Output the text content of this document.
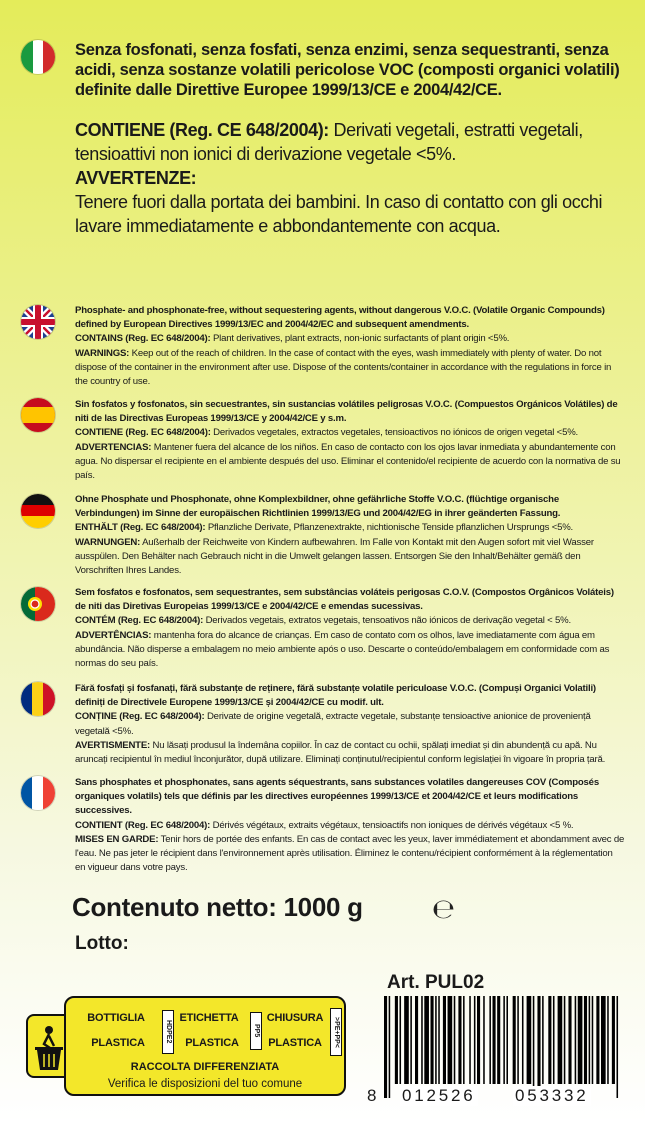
Senza fosfonati, senza fosfati, senza enzimi, senza sequestranti, senza acidi, senza sostanze volatili pericolose VOC (composti organici volatili) definite dalle Direttive Europee 1999/13/CE e 2004/42/CE.

CONTIENE (Reg. CE 648/2004): Derivati vegetali, estratti vegetali, tensioattivi non ionici di derivazione vegetale <5%.
AVVERTENZE:
Tenere fuori dalla portata dei bambini. In caso di contatto con gli occhi lavare immediatamente e abbondantemente con acqua.

Phosphate- and phosphonate-free, without sequestering agents, without dangerous V.O.C. (Volatile Organic Compounds) defined by European Directives 1999/13/EC and 2004/42/EC and subsequent amendments.

CONTAINS (Reg. EC 648/2004): Plant derivatives, plant extracts, non-ionic surfactants of plant origin <5%.

WARNINGS: Keep out of the reach of children. In the case of contact with the eyes, wash immediately with plenty of water. Do not dispose of the container in the environment after use. Dispose of the contents/container in accordance with the regulations in force in the country of use.

Sin fosfatos y fosfonatos, sin secuestrantes, sin sustancias volátiles peligrosas V.O.C. (Compuestos Orgánicos Volátiles) de niti de las Directivas Europeas 1999/13/CE y 2004/42/CE y s.m.

CONTIENE (Reg. EC 648/2004): Derivados vegetales, extractos vegetales, tensioactivos no iónicos de origen vegetal <5%.

ADVERTENCIAS: Mantener fuera del alcance de los niños. En caso de contacto con los ojos lavar inmediata y abundantemente con agua. No dispersar el recipiente en el ambiente después del uso. Eliminar el contenido/el recipiente de acuerdo con la normativa de su país.

Ohne Phosphate und Phosphonate, ohne Komplexbildner, ohne gefährliche Stoffe V.O.C. (flüchtige organische Verbindungen) im Sinne der europäischen Richtlinien 1999/13/EG und 2004/42/EG in ihrer geänderten Fassung.

ENTHÄLT (Reg. EC 648/2004): Pflanzliche Derivate, Pflanzenextrakte, nichtionische Tenside pflanzlichen Ursprungs <5%.

WARNUNGEN: Außerhalb der Reichweite von Kindern aufbewahren. Im Falle von Kontakt mit den Augen sofort mit viel Wasser ausspülen. Den Behälter nach Gebrauch nicht in die Umwelt gelangen lassen. Entsorgen Sie den Inhalt/Behälter gemäß den Vorschriften Ihres Landes.

Sem fosfatos e fosfonatos, sem sequestrantes, sem substâncias voláteis perigosas C.O.V. (Compostos Orgânicos Voláteis) de niti das Diretivas Europeias 1999/13/CE e 2004/42/CE e emendas sucessivas.

CONTÉM (Reg. EC 648/2004): Derivados vegetais, extratos vegetais, tensoativos não iónicos de derivação vegetal < 5%.

ADVERTÊNCIAS: mantenha fora do alcance de crianças. Em caso de contato com os olhos, lave imediatamente com água em abundância. Não disperse a embalagem no meio ambiente após o uso. Descarte o conteúdo/embalagem em conformidade com as normas do seu país.

Fără fosfați și fosfanați, fără substanțe de reținere, fără substanțe volatile periculoase V.O.C. (Compuși Organici Volatili) definiți de Directivele Europene 1999/13/CE și 2004/42/CE cu modif. ult.

CONȚINE (Reg. EC 648/2004): Derivate de origine vegetală, extracte vegetale, substanțe tensioactive anionice de proveniență vegetală <5%.

AVERTISMENTE: Nu lăsați produsul la îndemâna copiilor. În caz de contact cu ochii, spălați imediat și din abundență cu apă. Nu aruncați recipientul în mediul înconjurător, după utilizare. Eliminați conținutul/recipientul conform legislației în vigoare în propria țară.

Sans phosphates et phosphonates, sans agents séquestrants, sans substances volatiles dangereuses COV (Composés organiques volatils) tels que définis par les directives européennes 1999/13/CE et 2004/42/CE et leurs modifications successives.

CONTIENT (Reg. EC 648/2004): Dérivés végétaux, extraits végétaux, tensioactifs non ioniques de dérivés végétaux <5 %.

MISES EN GARDE: Tenir hors de portée des enfants. En cas de contact avec les yeux, laver immédiatement et abondamment avec de l'eau. Ne pas jeter le récipient dans l'environnement après utilisation. Éliminez le contenu/récipient conformément à la réglementation en vigueur dans votre pays.

Contenuto netto: 1000 g	℮
Lotto:
Art. PUL02
BOTTIGLIA
PLASTICA	HDPE2
ETICHETTA
PLASTICA
PP5
CHIUSURA
PLASTICA	>PE+PP<
RACCOLTA DIFFERENZIATA
Verifica le disposizioni del tuo comune
8 012526 053332
